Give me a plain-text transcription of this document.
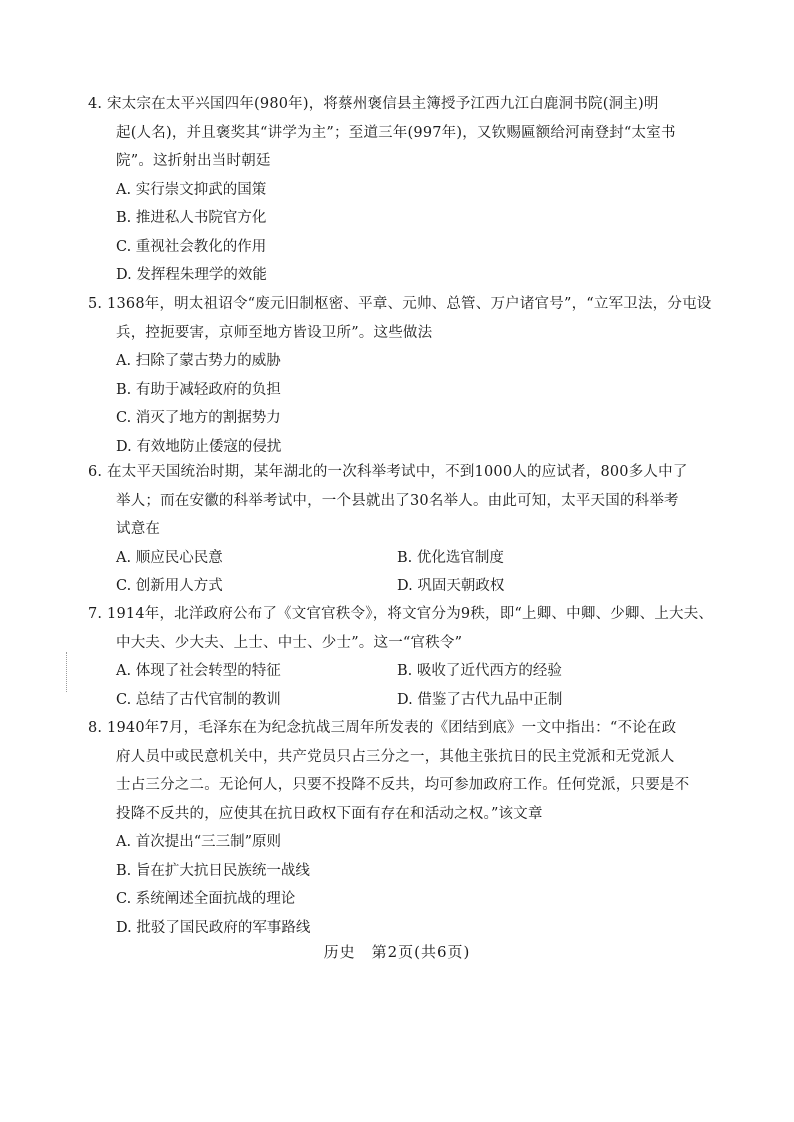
4. 宋太宗在太平兴国四年(980年)，将蔡州褒信县主簿授予江西九江白鹿洞书院(洞主)明
起(人名)，并且褒奖其“讲学为主”；至道三年(997年)，又钦赐匾额给河南登封“太室书
院”。这折射出当时朝廷
A. 实行崇文抑武的国策
B. 推进私人书院官方化
C. 重视社会教化的作用
D. 发挥程朱理学的效能
5. 1368年，明太祖诏令“废元旧制枢密、平章、元帅、总管、万户诸官号”，“立军卫法，分屯设
兵，控扼要害，京师至地方皆设卫所”。这些做法
A. 扫除了蒙古势力的威胁
B. 有助于减轻政府的负担
C. 消灭了地方的割据势力
D. 有效地防止倭寇的侵扰
6. 在太平天国统治时期，某年湖北的一次科举考试中，不到1000人的应试者，800多人中了
举人；而在安徽的科举考试中，一个县就出了30名举人。由此可知，太平天国的科举考
试意在
A. 顺应民心民意	B. 优化选官制度
C. 创新用人方式	D. 巩固天朝政权
7. 1914年，北洋政府公布了《文官官秩令》，将文官分为9秩，即“上卿、中卿、少卿、上大夫、
中大夫、少大夫、上士、中士、少士”。这一“官秩令”
A. 体现了社会转型的特征	B. 吸收了近代西方的经验
C. 总结了古代官制的教训	D. 借鉴了古代九品中正制
8. 1940年7月，毛泽东在为纪念抗战三周年所发表的《团结到底》一文中指出：“不论在政
府人员中或民意机关中，共产党员只占三分之一，其他主张抗日的民主党派和无党派人
士占三分之二。无论何人，只要不投降不反共，均可参加政府工作。任何党派，只要是不
投降不反共的，应使其在抗日政权下面有存在和活动之权。”该文章
A. 首次提出“三三制”原则
B. 旨在扩大抗日民族统一战线
C. 系统阐述全面抗战的理论
D. 批驳了国民政府的军事路线
历史　第2页(共6页)
